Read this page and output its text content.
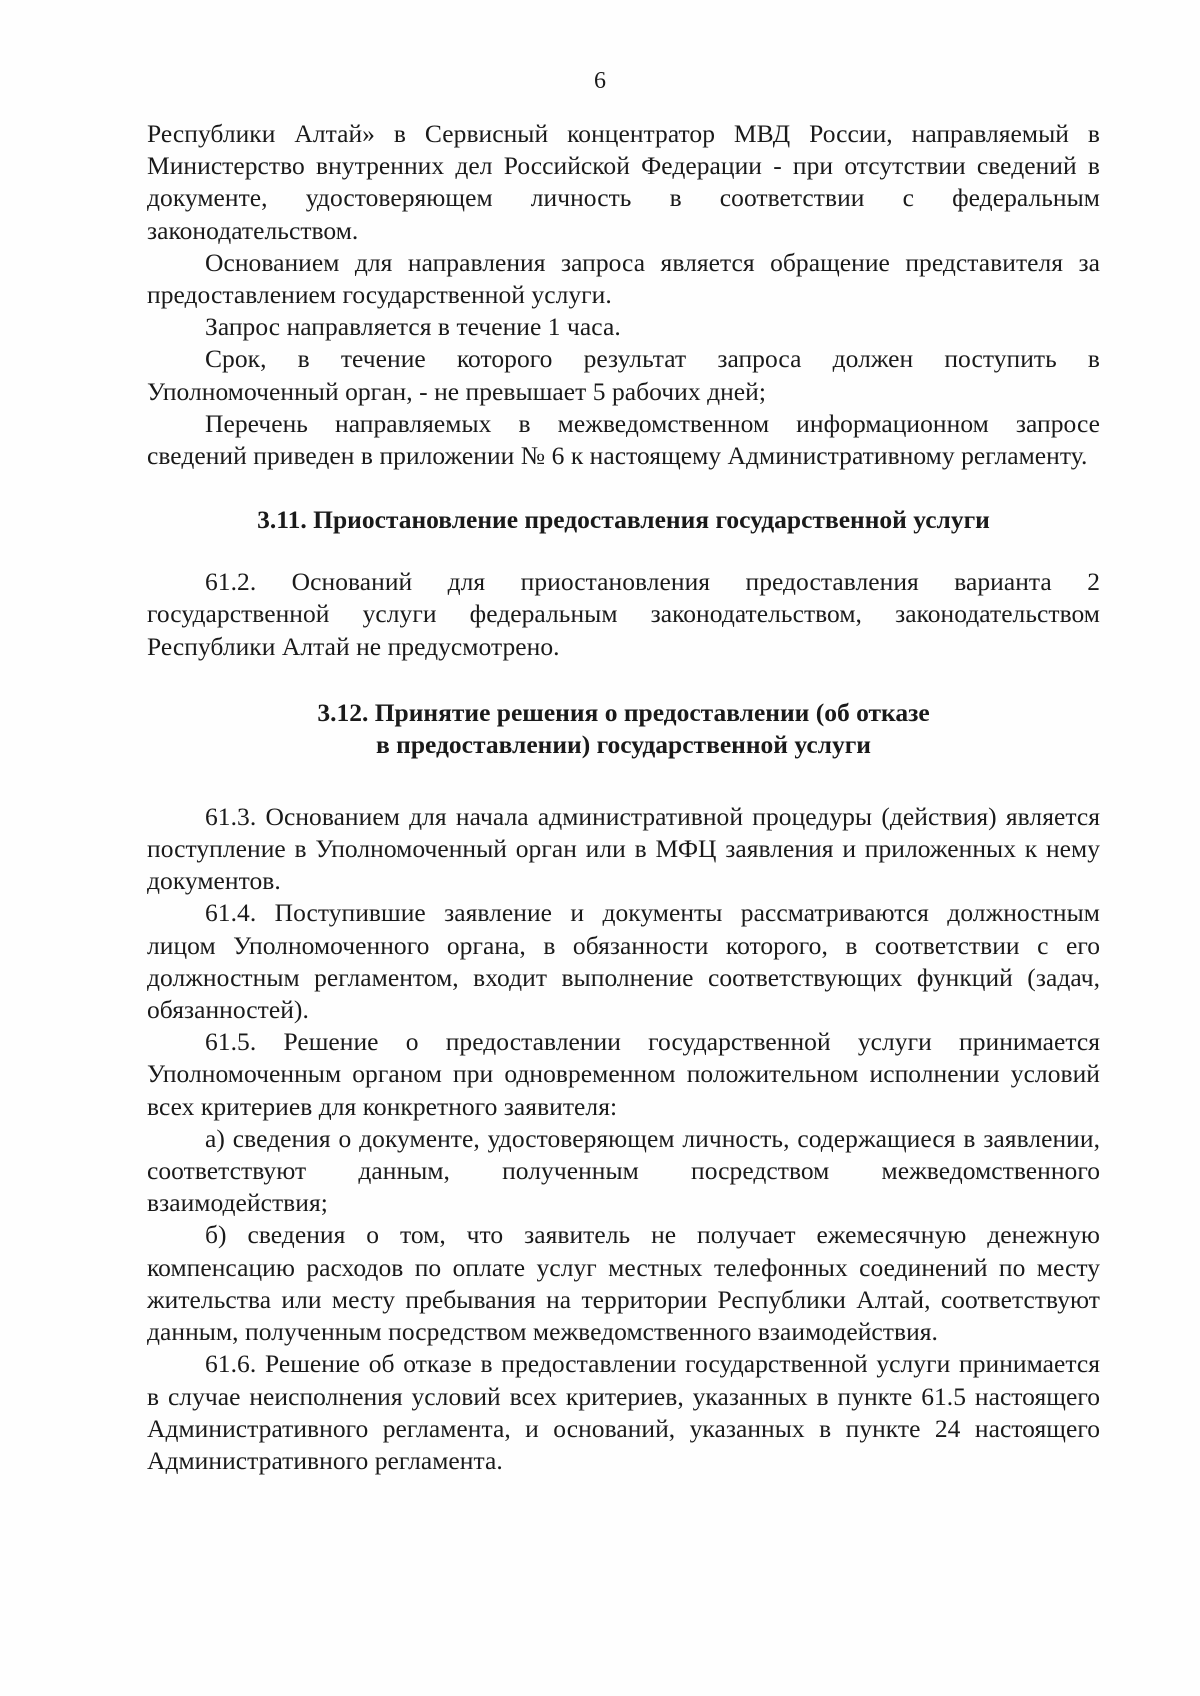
6

Республики Алтай» в Сервисный концентратор МВД России, направляемый в Министерство внутренних дел Российской Федерации - при отсутствии сведений в документе, удостоверяющем личность в соответствии с федеральным законодательством.

Основанием для направления запроса является обращение представителя за предоставлением государственной услуги.

Запрос направляется в течение 1 часа.

Срок, в течение которого результат запроса должен поступить в Уполномоченный орган, - не превышает 5 рабочих дней;

Перечень направляемых в межведомственном информационном запросе сведений приведен в приложении № 6 к настоящему Административному регламенту.

3.11. Приостановление предоставления государственной услуги

61.2. Оснований для приостановления предоставления варианта 2 государственной услуги федеральным законодательством, законодательством Республики Алтай не предусмотрено.

3.12. Принятие решения о предоставлении (об отказе
в предоставлении) государственной услуги

61.3. Основанием для начала административной процедуры (действия) является поступление в Уполномоченный орган или в МФЦ заявления и приложенных к нему документов.

61.4. Поступившие заявление и документы рассматриваются должностным лицом Уполномоченного органа, в обязанности которого, в соответствии с его должностным регламентом, входит выполнение соответствующих функций (задач, обязанностей).

61.5. Решение о предоставлении государственной услуги принимается Уполномоченным органом при одновременном положительном исполнении условий всех критериев для конкретного заявителя:

а) сведения о документе, удостоверяющем личность, содержащиеся в заявлении, соответствуют данным, полученным посредством межведомственного взаимодействия;

б) сведения о том, что заявитель не получает ежемесячную денежную компенсацию расходов по оплате услуг местных телефонных соединений по месту жительства или месту пребывания на территории Республики Алтай, соответствуют данным, полученным посредством межведомственного взаимодействия.

61.6. Решение об отказе в предоставлении государственной услуги принимается в случае неисполнения условий всех критериев, указанных в пункте 61.5 настоящего Административного регламента, и оснований, указанных в пункте 24 настоящего Административного регламента.
